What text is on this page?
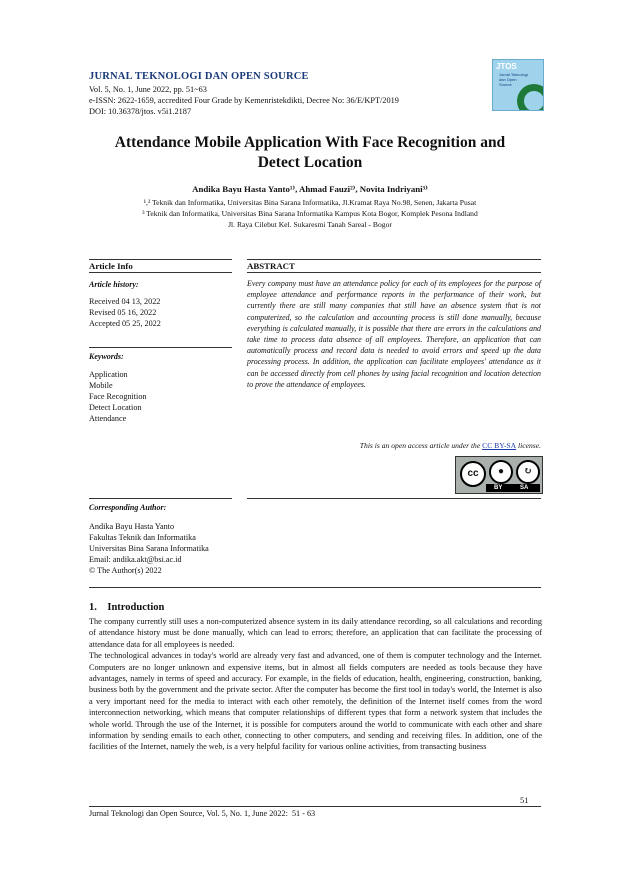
JURNAL TEKNOLOGI DAN OPEN SOURCE
Vol. 5, No. 1, June 2022, pp. 51~63
e-ISSN: 2622-1659, accredited Four Grade by Kemenristekdikti, Decree No: 36/E/KPT/2019
DOI: 10.36378/jtos. v5i1.2187
JTOS
Jurnal Teknologi dan Open Source
Attendance Mobile Application With Face Recognition and
Detect Location
Andika Bayu Hasta Yanto¹⁾, Ahmad Fauzi²⁾, Novita Indriyani³⁾
¹,² Teknik dan Informatika, Universitas Bina Sarana Informatika, Jl.Kramat Raya No.98, Senen, Jakarta Pusat
³ Teknik dan Informatika, Universitas Bina Sarana Informatika Kampus Kota Bogor, Komplek Pesona Indland
Jl. Raya Cilebut Kel. Sukaresmi Tanah Sareal - Bogor
Article Info
Article history:
Received 04 13, 2022
Revised 05 16, 2022
Accepted 05 25, 2022
Keywords:
Application
Mobile
Face Recognition
Detect Location
Attendance
ABSTRACT
Every company must have an attendance policy for each of its employees for the purpose of employee attendance and performance reports in the performance of their work, but currently there are still many companies that still have an absence system that is not computerized, so the calculation and accounting process is still done manually, because everything is calculated manually, it is possible that there are errors in the calculations and take time to process data absence of all employees. Therefore, an application that can automatically process and record data is needed to avoid errors and speed up the data processing process. In addition, the application can facilitate employees' attendance as it can be accessed directly from cell phones by using facial recognition and location detection to prove the attendance of employees.
This is an open access article under the CC BY-SA license.
cc	●	↻
BY	SA
Corresponding Author:
Andika Bayu Hasta Yanto
Fakultas Teknik dan Informatika
Universitas Bina Sarana Informatika
Email: andika.akt@bsi.ac.id
© The Author(s) 2022
1.    Introduction

The company currently still uses a non-computerized absence system in its daily attendance recording, so all calculations and recording of attendance history must be done manually, which can lead to errors; therefore, an application that can facilitate the processing of attendance data for all employees is needed.

The technological advances in today's world are already very fast and advanced, one of them is computer technology and the Internet. Computers are no longer unknown and expensive items, but in almost all fields computers are needed as tools because they have advantages, namely in terms of speed and accuracy. For example, in the fields of education, health, engineering, construction, banking, business both by the government and the private sector. After the computer has become the first tool in today's world, the Internet is also a very important need for the media to interact with each other remotely, the definition of the Internet itself comes from the word interconnection networking, which means that computer relationships of different types that form a network system that includes the whole world. Through the use of the Internet, it is possible for computers around the world to communicate with each other and share information by sending emails to each other, connecting to other computers, and sending and receiving files. In addition, one of the facilities of the Internet, namely the web, is a very helpful facility for various online activities, from transacting business

51
Jurnal Teknologi dan Open Source, Vol. 5, No. 1, June 2022:  51 - 63
